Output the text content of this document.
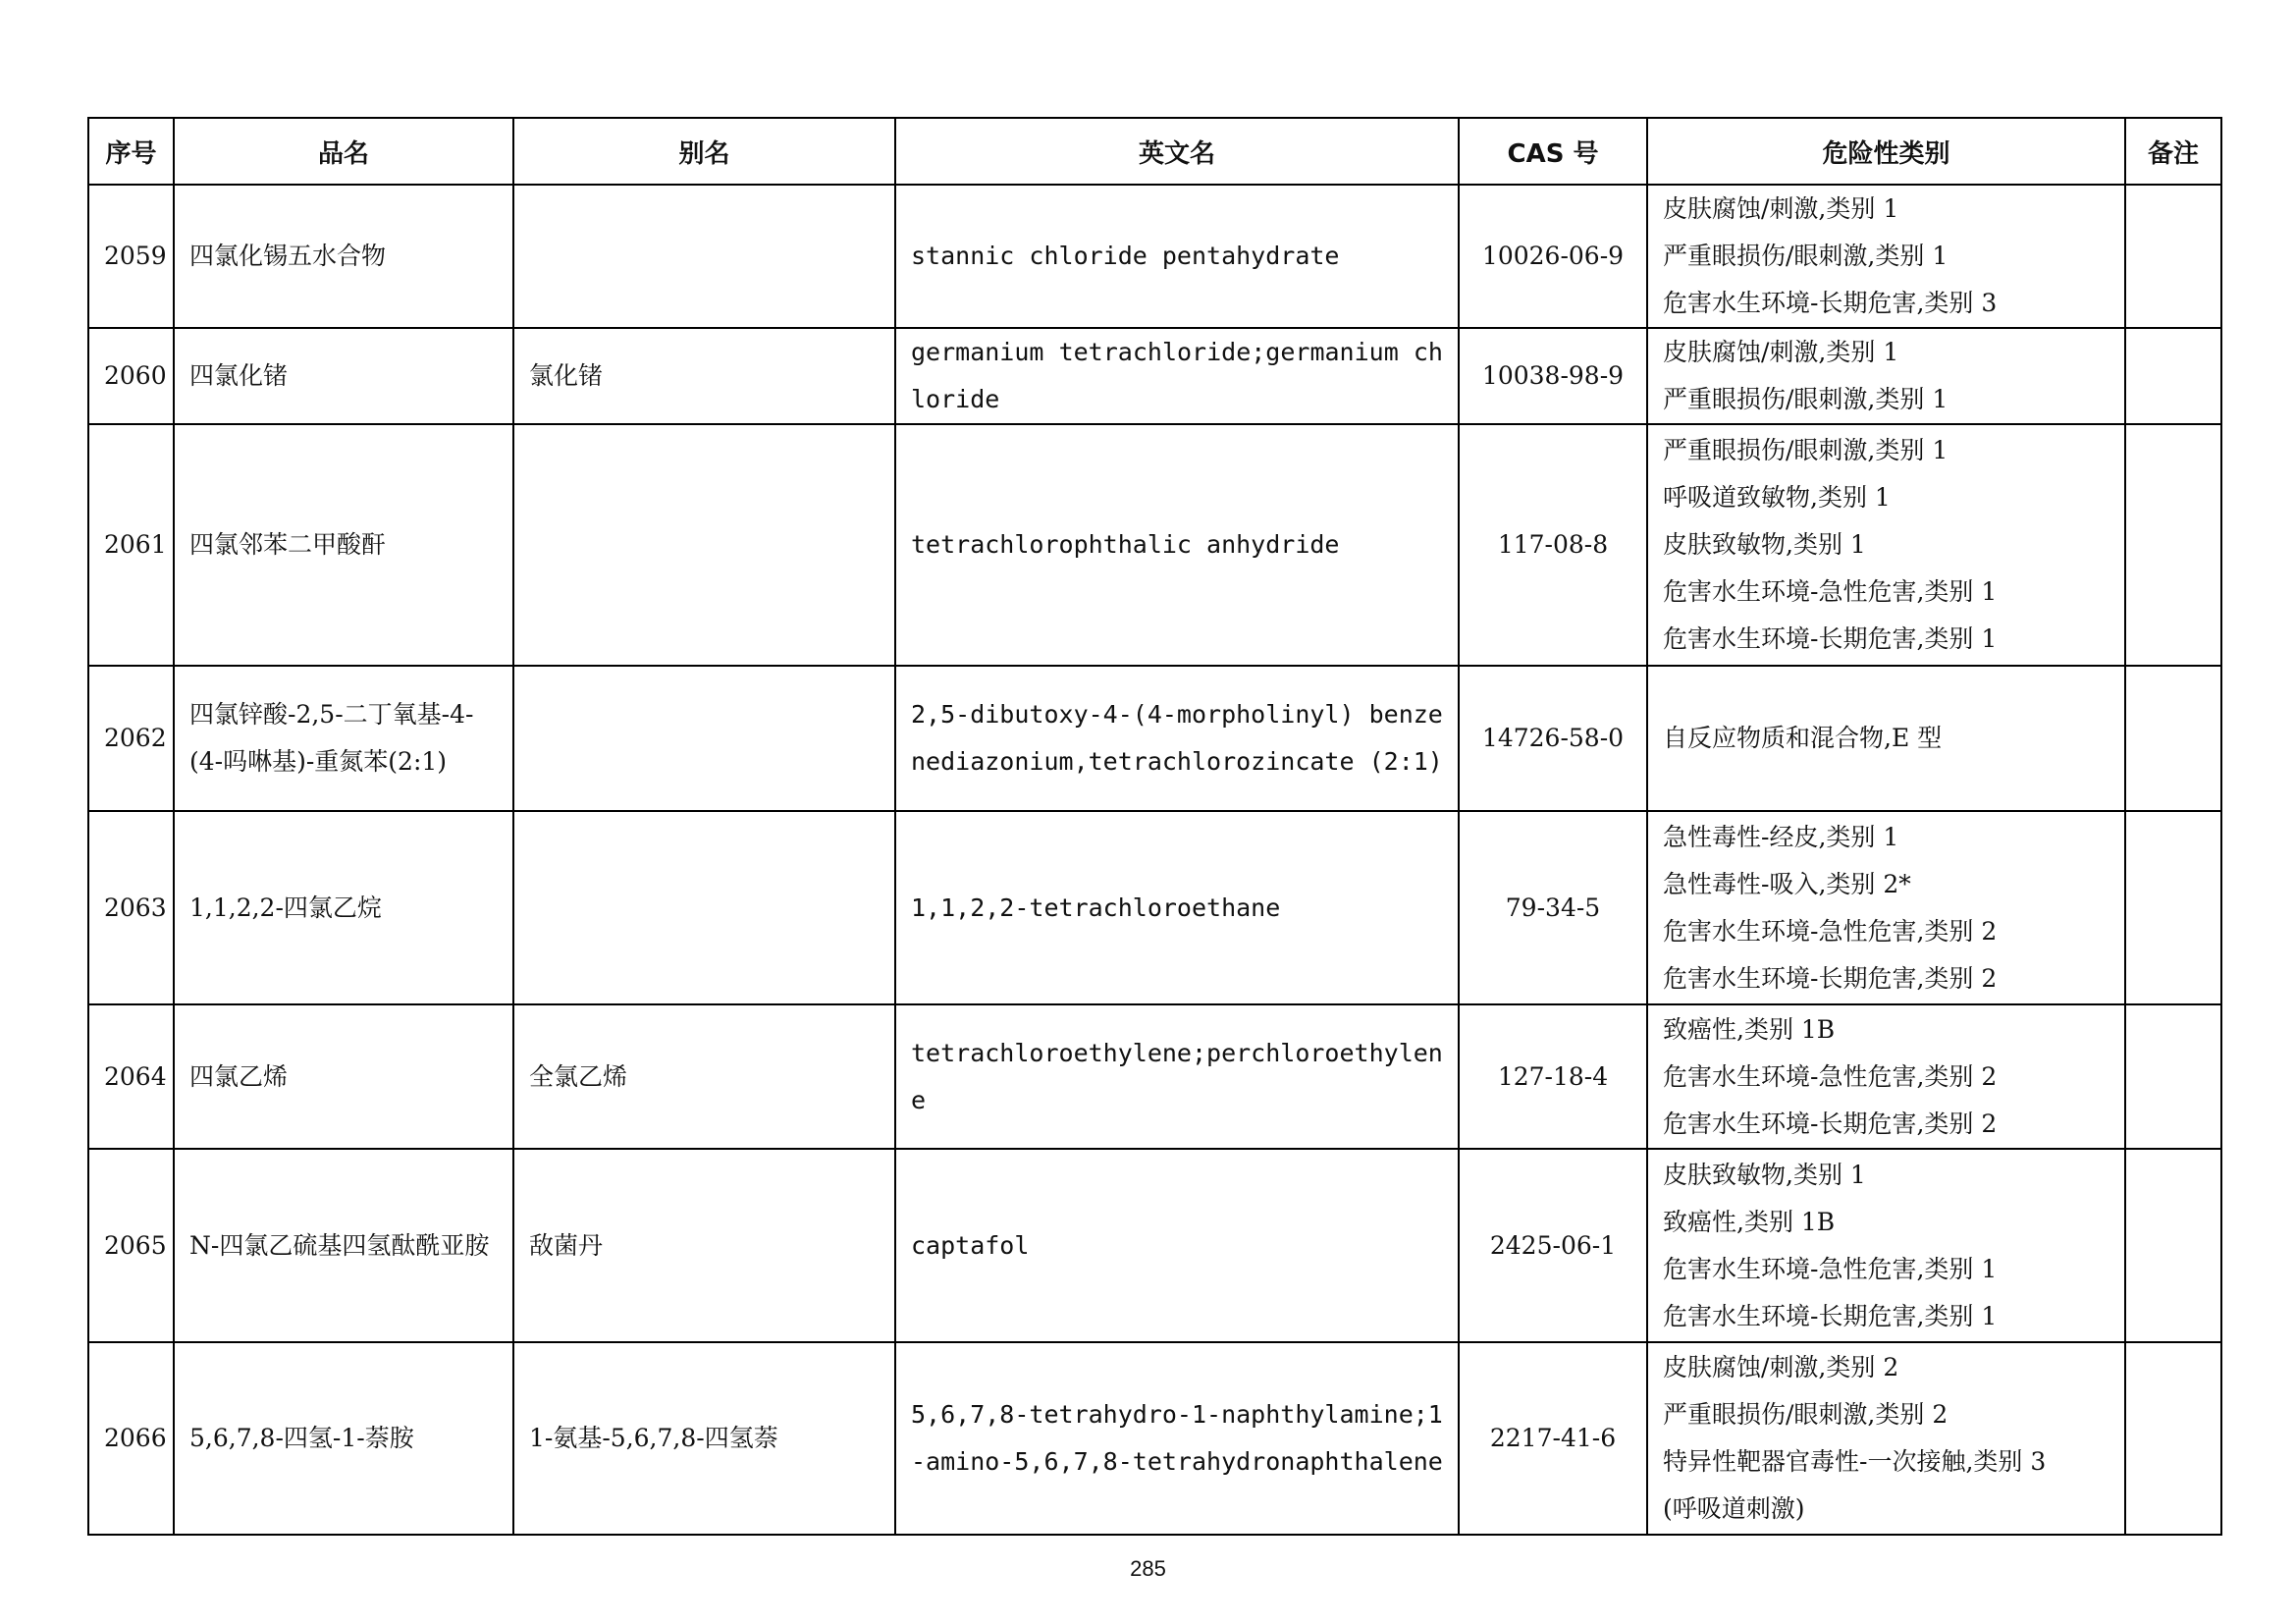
序号	品名	别名	英文名	CAS 号	危险性类别	备注
2059	四氯化锡五水合物		stannic chloride pentahydrate	10026-06-9	皮肤腐蚀/刺激,类别 1
严重眼损伤/眼刺激,类别 1
危害水生环境-长期危害,类别 3	

2060	四氯化锗	氯化锗	germanium tetrachloride;germanium chloride	10038-98-9	皮肤腐蚀/刺激,类别 1
严重眼损伤/眼刺激,类别 1	

2061	四氯邻苯二甲酸酐		tetrachlorophthalic anhydride	117-08-8	严重眼损伤/眼刺激,类别 1
呼吸道致敏物,类别 1
皮肤致敏物,类别 1
危害水生环境-急性危害,类别 1
危害水生环境-长期危害,类别 1	

2062	四氯锌酸-2,5-二丁氧基-4-(4-吗啉基)-重氮苯(2:1)		2,5-dibutoxy-4-(4-morpholinyl) benzenediazonium,tetrachlorozincate (2:1)	14726-58-0	自反应物质和混合物,E 型	

2063	1,1,2,2-四氯乙烷		1,1,2,2-tetrachloroethane	79-34-5	急性毒性-经皮,类别 1
急性毒性-吸入,类别 2*
危害水生环境-急性危害,类别 2
危害水生环境-长期危害,类别 2	

2064	四氯乙烯	全氯乙烯	tetrachloroethylene;perchloroethylene	127-18-4	致癌性,类别 1B
危害水生环境-急性危害,类别 2
危害水生环境-长期危害,类别 2	

2065	N-四氯乙硫基四氢酞酰亚胺	敌菌丹	captafol	2425-06-1	皮肤致敏物,类别 1
致癌性,类别 1B
危害水生环境-急性危害,类别 1
危害水生环境-长期危害,类别 1	

2066	5,6,7,8-四氢-1-萘胺	1-氨基-5,6,7,8-四氢萘	5,6,7,8-tetrahydro-1-naphthylamine;1-amino-5,6,7,8-tetrahydronaphthalene	2217-41-6	皮肤腐蚀/刺激,类别 2
严重眼损伤/眼刺激,类别 2
特异性靶器官毒性-一次接触,类别 3
(呼吸道刺激)	

285
